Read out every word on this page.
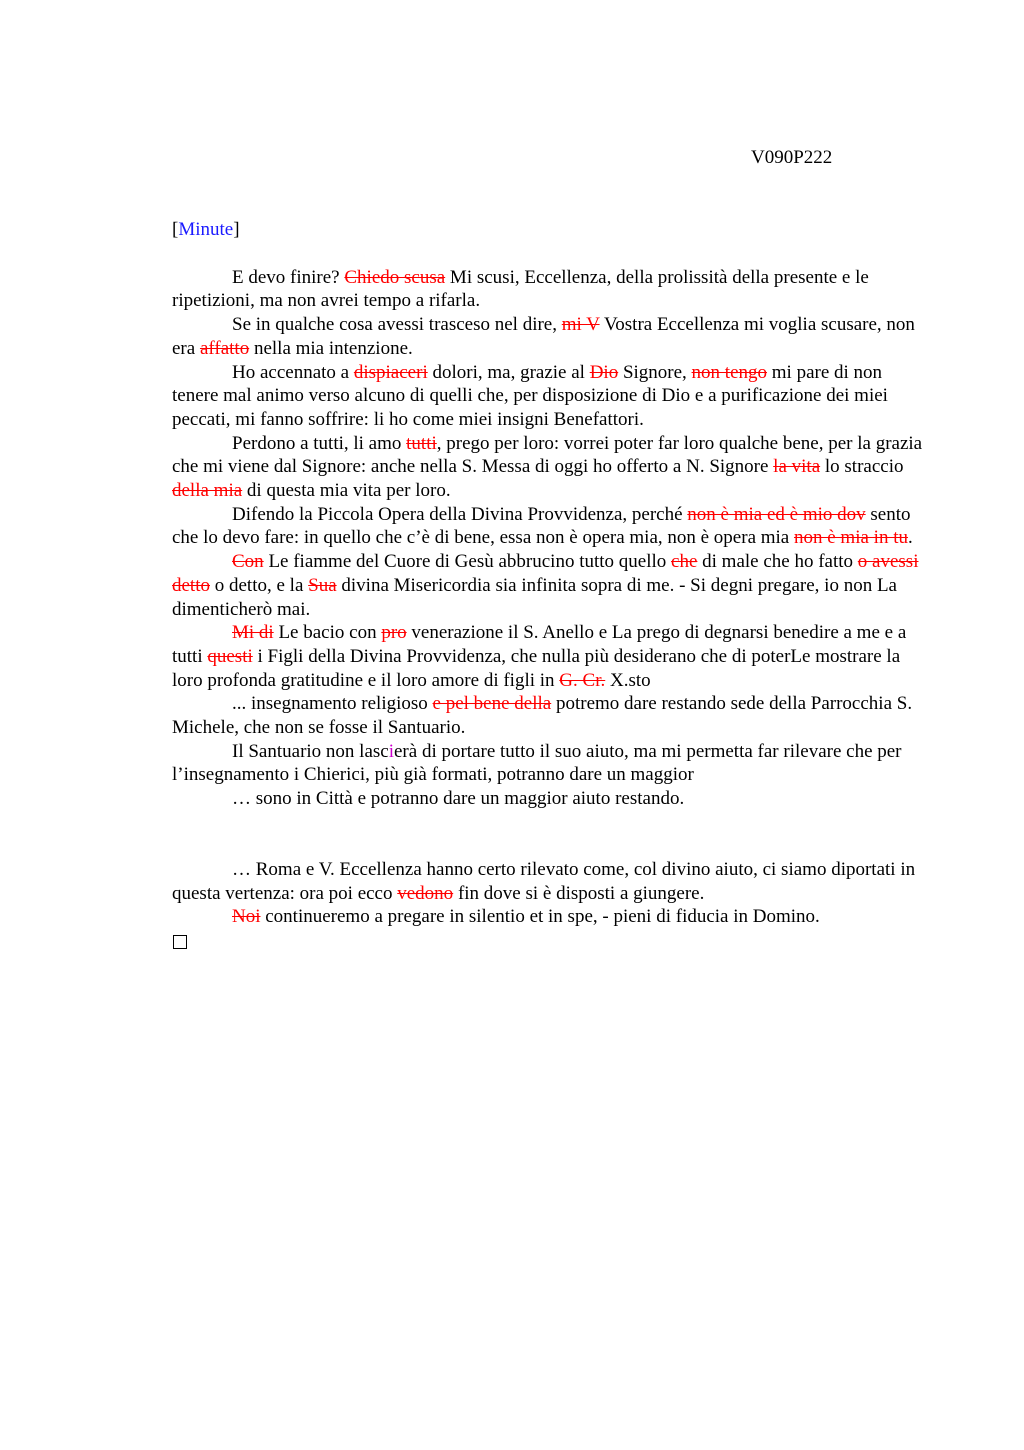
V090P222
[Minute]

E devo finire? Chiedo scusa Mi scusi, Eccellenza, della prolissità della presente e le ripetizioni, ma non avrei tempo a rifarla.

Se in qualche cosa avessi trasceso nel dire, mi V Vostra Eccellenza mi voglia scusare, non era affatto nella mia intenzione.

Ho accennato a dispiaceri dolori, ma, grazie al Dio Signore, non tengo mi pare di non tenere mal animo verso alcuno di quelli che, per disposizione di Dio e a purificazione dei miei peccati, mi fanno soffrire: li ho come miei insigni Benefattori.

Perdono a tutti, li amo tutti, prego per loro: vorrei poter far loro qualche bene, per la grazia che mi viene dal Signore: anche nella S. Messa di oggi ho offerto a N. Signore la vita lo straccio della mia di questa mia vita per loro.

Difendo la Piccola Opera della Divina Provvidenza, perché non è mia ed è mio dov sento che lo devo fare: in quello che c’è di bene, essa non è opera mia, non è opera mia non è mia in tu.

Con Le fiamme del Cuore di Gesù abbrucino tutto quello che di male che ho fatto o avessi detto o detto, e la Sua divina Misericordia sia infinita sopra di me. - Si degni pregare, io non La dimenticherò mai.

Mi di Le bacio con pro venerazione il S. Anello e La prego di degnarsi benedire a me e a tutti questi i Figli della Divina Provvidenza, che nulla più desiderano che di poterLe mostrare la loro profonda gratitudine e il loro amore di figli in G. Cr. X.sto

... insegnamento religioso e pel bene della potremo dare restando sede della Parrocchia S. Michele, che non se fosse il Santuario.

Il Santuario non lascierà di portare tutto il suo aiuto, ma mi permetta far rilevare che per l’insegnamento i Chierici, più già formati, potranno dare un maggior

… sono in Città e potranno dare un maggior aiuto restando.

… Roma e V. Eccellenza hanno certo rilevato come, col divino aiuto, ci siamo diportati in questa vertenza: ora poi ecco vedono fin dove si è disposti a giungere.

Noi continueremo a pregare in silentio et in spe, - pieni di fiducia in Domino.
